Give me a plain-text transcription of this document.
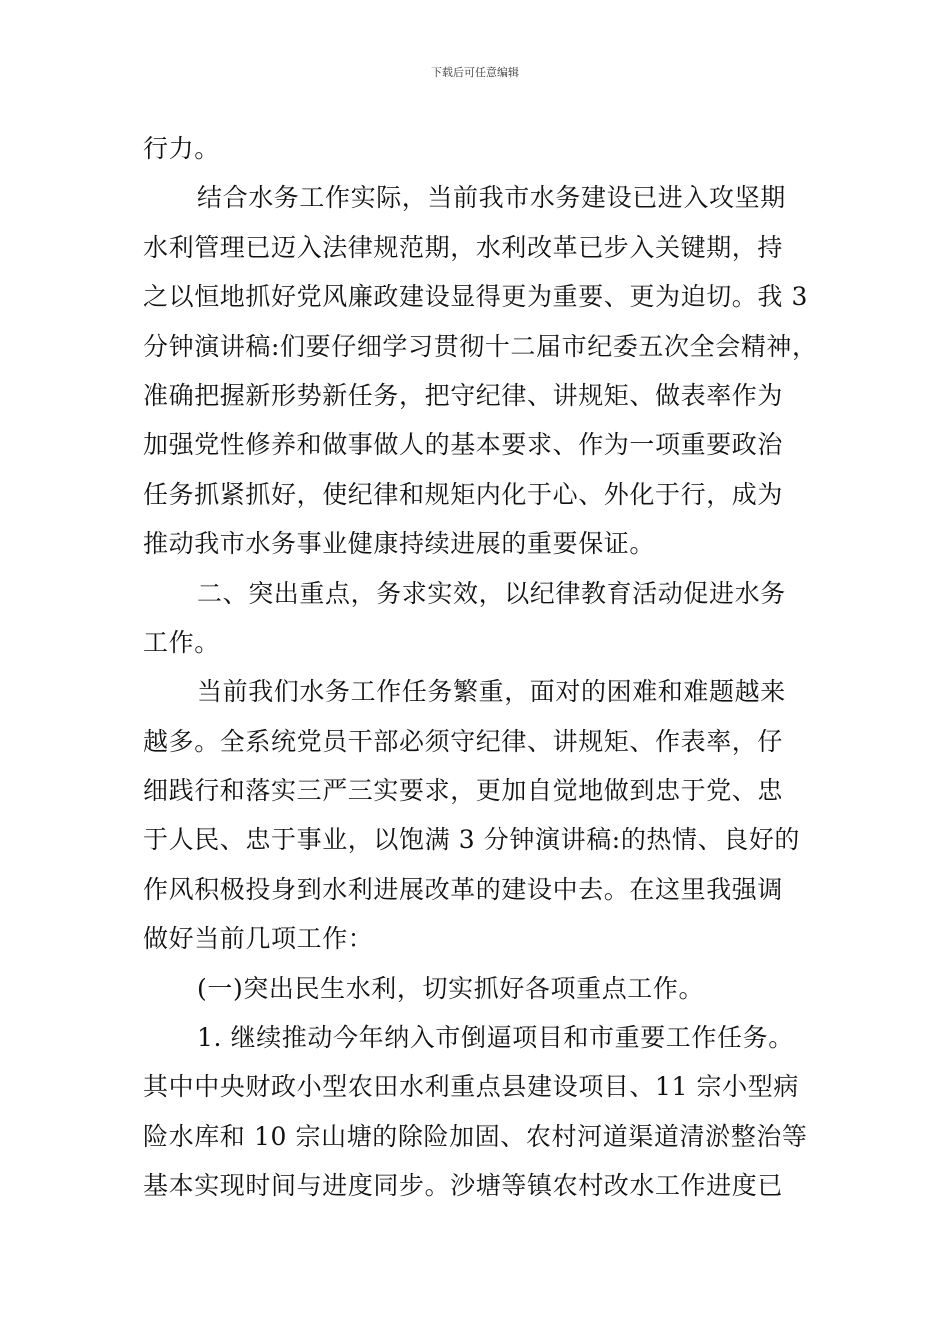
下载后可任意编辑
行力。
结合水务工作实际，当前我市水务建设已进入攻坚期
水利管理已迈入法律规范期，水利改革已步入关键期，持
之以恒地抓好党风廉政建设显得更为重要、更为迫切。我 3
分钟演讲稿:们要仔细学习贯彻十二届市纪委五次全会精神，
准确把握新形势新任务，把守纪律、讲规矩、做表率作为
加强党性修养和做事做人的基本要求、作为一项重要政治
任务抓紧抓好，使纪律和规矩内化于心、外化于行，成为
推动我市水务事业健康持续进展的重要保证。
二、突出重点，务求实效，以纪律教育活动促进水务
工作。
当前我们水务工作任务繁重，面对的困难和难题越来
越多。全系统党员干部必须守纪律、讲规矩、作表率，仔
细践行和落实三严三实要求，更加自觉地做到忠于党、忠
于人民、忠于事业，以饱满 3 分钟演讲稿:的热情、良好的
作风积极投身到水利进展改革的建设中去。在这里我强调
做好当前几项工作：
(一)突出民生水利，切实抓好各项重点工作。
1. 继续推动今年纳入市倒逼项目和市重要工作任务。
其中中央财政小型农田水利重点县建设项目、11 宗小型病
险水库和 10 宗山塘的除险加固、农村河道渠道清淤整治等
基本实现时间与进度同步。沙塘等镇农村改水工作进度已
